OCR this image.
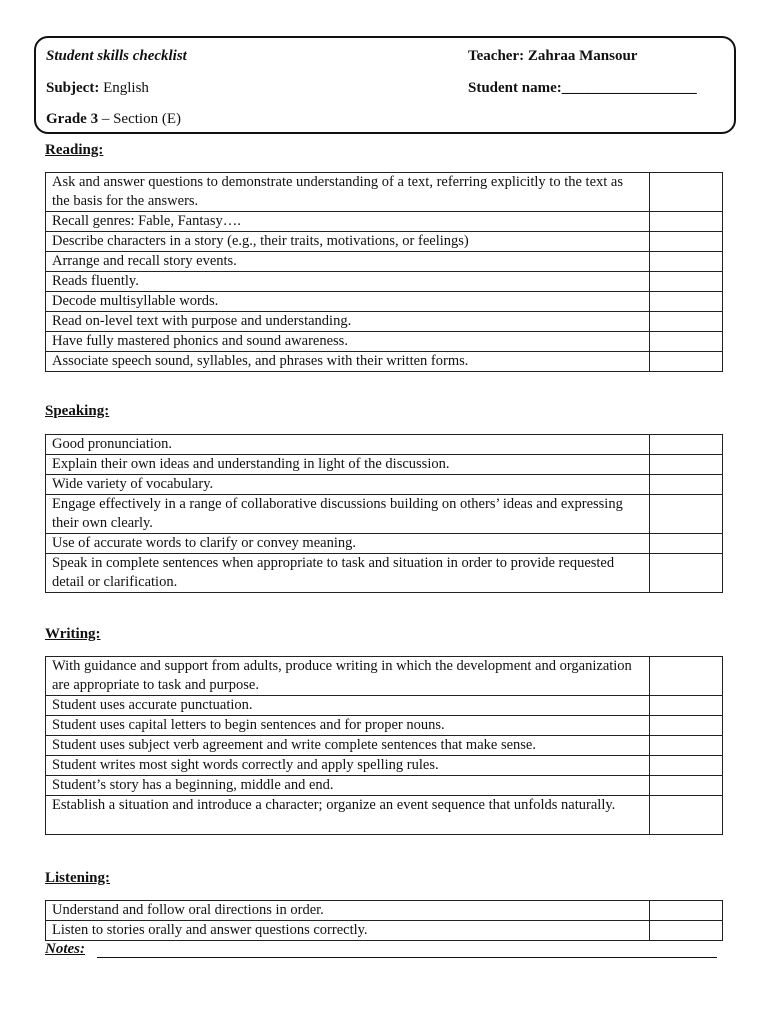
Student skills checklist
Subject: English
Grade 3 – Section (E)
Teacher: Zahraa Mansour
Student name:__________________
Reading:
Ask and answer questions to demonstrate understanding of a text, referring explicitly to the text as the basis for the answers.	
Recall genres: Fable, Fantasy….	
Describe characters in a story (e.g., their traits, motivations, or feelings)	
Arrange and recall story events.	
Reads fluently.	
Decode multisyllable words.	
Read on-level text with purpose and understanding.	
Have fully mastered phonics and sound awareness.	
Associate speech sound, syllables, and phrases with their written forms.	
Speaking:
Good pronunciation.	
Explain their own ideas and understanding in light of the discussion.	
Wide variety of vocabulary.	
Engage effectively in a range of collaborative discussions building on others’ ideas and expressing their own clearly.	
Use of accurate words to clarify or convey meaning.	
Speak in complete sentences when appropriate to task and situation in order to provide requested detail or clarification.	
Writing:
With guidance and support from adults, produce writing in which the development and organization are appropriate to task and purpose.	
Student uses accurate punctuation.	
Student uses capital letters to begin sentences and for proper nouns.	
Student uses subject verb agreement and write complete sentences that make sense.	
Student writes most sight words correctly and apply spelling rules.	
Student’s story has a beginning, middle and end.	
Establish a situation and introduce a character; organize an event sequence that unfolds naturally.	
Listening:
Understand and follow oral directions in order.	
Listen to stories orally and answer questions correctly.	
Notes:
